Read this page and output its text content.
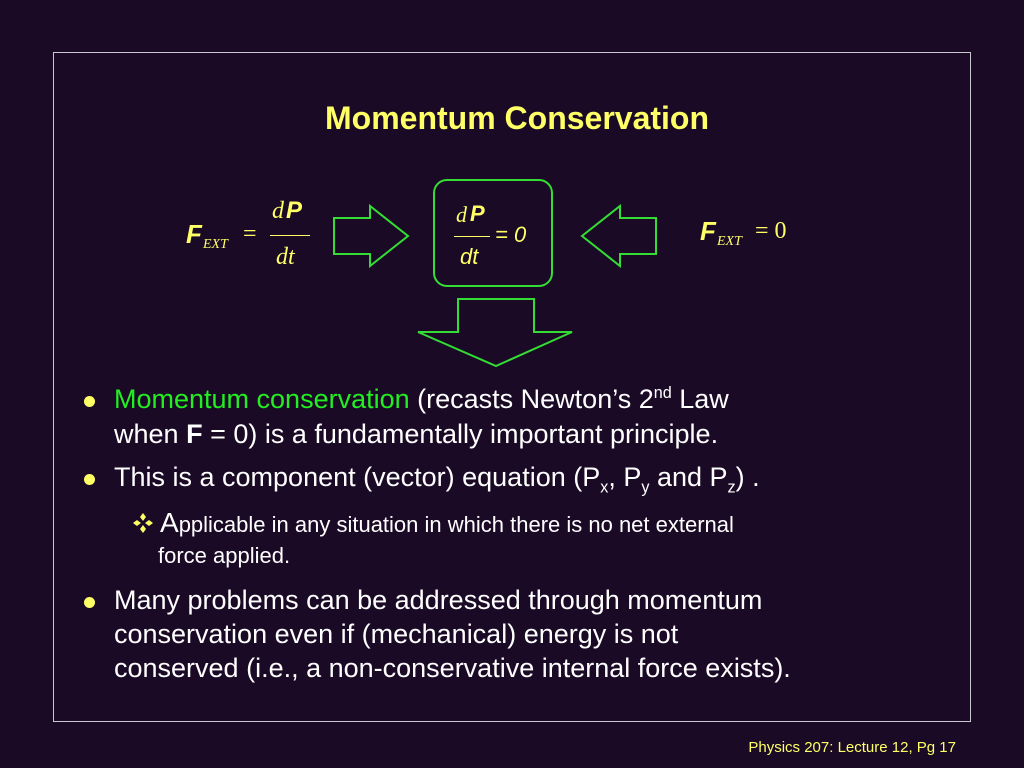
Momentum Conservation
F EXT =
d P
dt
d P
dt
= 0	F EXT = 0
Momentum conservation (recasts Newton’s 2nd Law
when F = 0) is a fundamentally important principle.
This is a component (vector) equation ($P_x$, $P_y$ and $P_z$) .
Applicable in any situation in which there is no net external
force applied.
Many problems can be addressed through momentum
conservation even if (mechanical) energy is not
conserved (i.e., a non-conservative internal force exists).
Physics 207: Lecture 12, Pg 17
